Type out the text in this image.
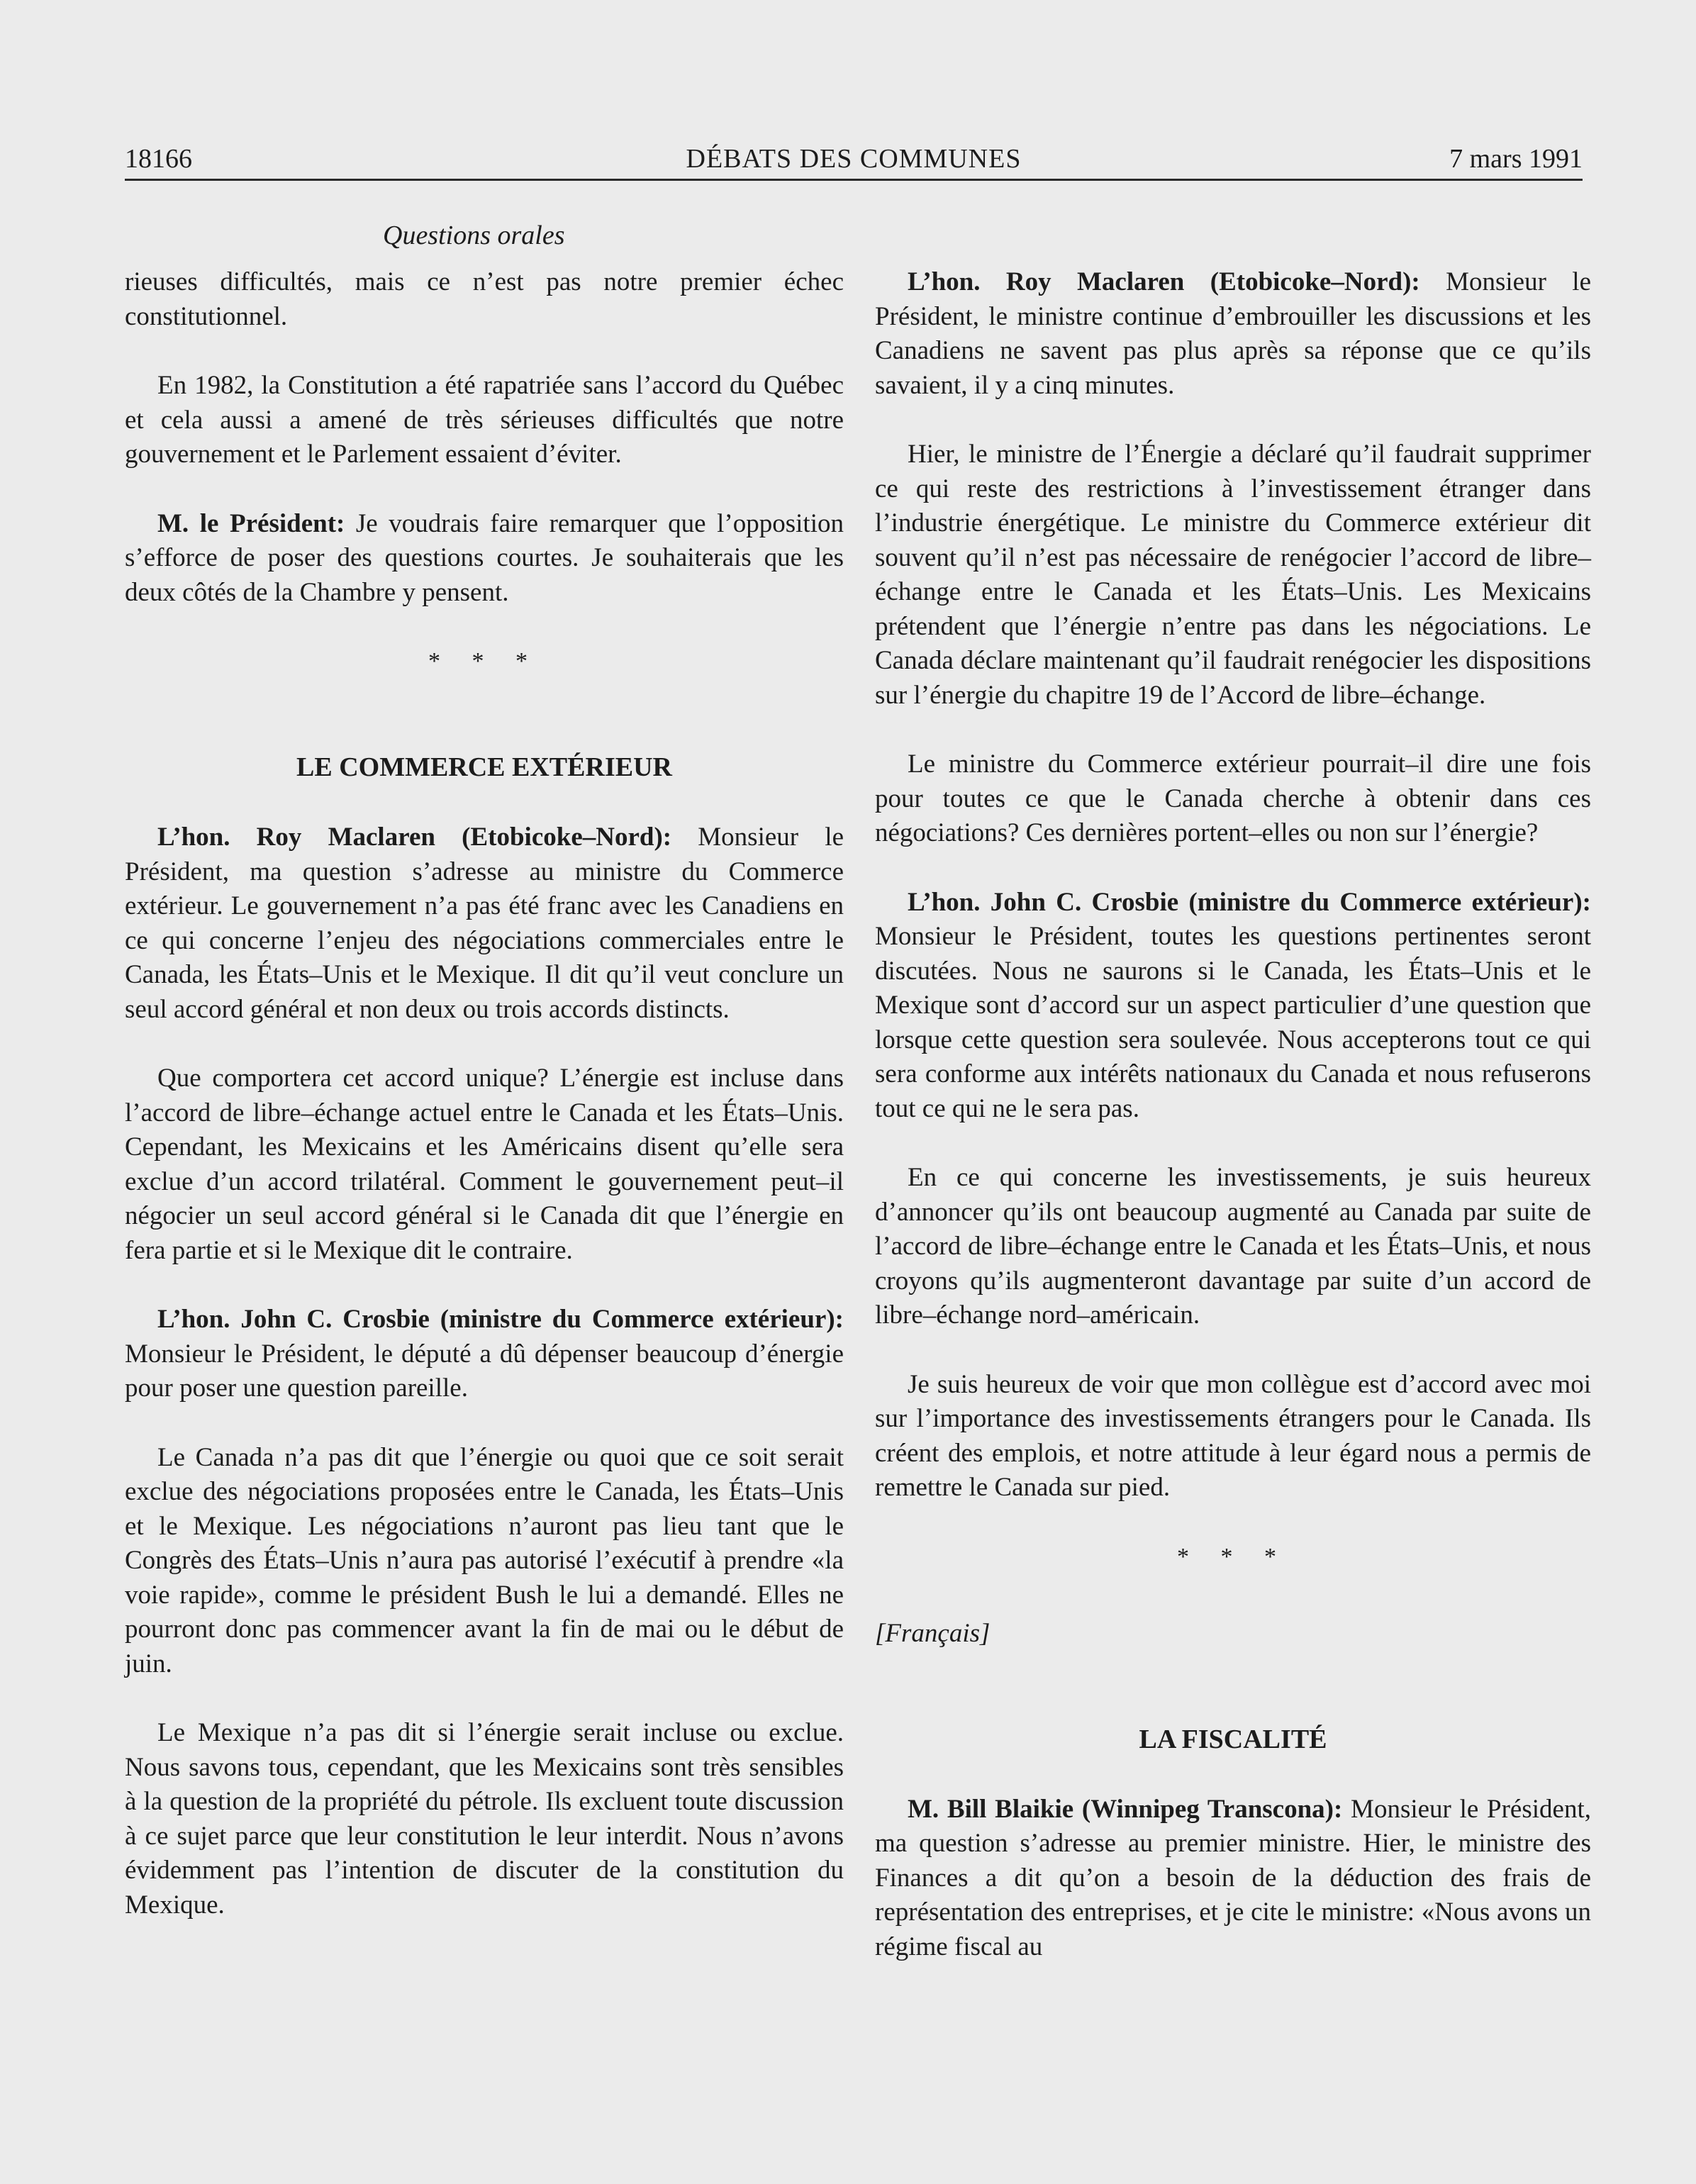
18166	DÉBATS DES COMMUNES	7 mars 1991
Questions orales

rieuses difficultés, mais ce n’est pas notre premier échec constitutionnel.

En 1982, la Constitution a été rapatriée sans l’accord du Québec et cela aussi a amené de très sérieuses difficultés que notre gouvernement et le Parlement essaient d’éviter.

M. le Président: Je voudrais faire remarquer que l’opposition s’efforce de poser des questions courtes. Je souhaiterais que les deux côtés de la Chambre y pensent.

* * *
LE COMMERCE EXTÉRIEUR

L’hon. Roy Maclaren (Etobicoke–Nord): Monsieur le Président, ma question s’adresse au ministre du Commerce extérieur. Le gouvernement n’a pas été franc avec les Canadiens en ce qui concerne l’enjeu des négociations commerciales entre le Canada, les États–Unis et le Mexique. Il dit qu’il veut conclure un seul accord général et non deux ou trois accords distincts.

Que comportera cet accord unique? L’énergie est incluse dans l’accord de libre–échange actuel entre le Canada et les États–Unis. Cependant, les Mexicains et les Américains disent qu’elle sera exclue d’un accord trilatéral. Comment le gouvernement peut–il négocier un seul accord général si le Canada dit que l’énergie en fera partie et si le Mexique dit le contraire.

L’hon. John C. Crosbie (ministre du Commerce extérieur): Monsieur le Président, le député a dû dépenser beaucoup d’énergie pour poser une question pareille.

Le Canada n’a pas dit que l’énergie ou quoi que ce soit serait exclue des négociations proposées entre le Canada, les États–Unis et le Mexique. Les négociations n’auront pas lieu tant que le Congrès des États–Unis n’aura pas autorisé l’exécutif à prendre «la voie rapide», comme le président Bush le lui a demandé. Elles ne pourront donc pas commencer avant la fin de mai ou le début de juin.

Le Mexique n’a pas dit si l’énergie serait incluse ou exclue. Nous savons tous, cependant, que les Mexicains sont très sensibles à la question de la propriété du pétrole. Ils excluent toute discussion à ce sujet parce que leur constitution le leur interdit. Nous n’avons évidemment pas l’intention de discuter de la constitution du Mexique.

L’hon. Roy Maclaren (Etobicoke–Nord): Monsieur le Président, le ministre continue d’embrouiller les discussions et les Canadiens ne savent pas plus après sa réponse que ce qu’ils savaient, il y a cinq minutes.

Hier, le ministre de l’Énergie a déclaré qu’il faudrait supprimer ce qui reste des restrictions à l’investissement étranger dans l’industrie énergétique. Le ministre du Commerce extérieur dit souvent qu’il n’est pas nécessaire de renégocier l’accord de libre–échange entre le Canada et les États–Unis. Les Mexicains prétendent que l’énergie n’entre pas dans les négociations. Le Canada déclare maintenant qu’il faudrait renégocier les dispositions sur l’énergie du chapitre 19 de l’Accord de libre–échange.

Le ministre du Commerce extérieur pourrait–il dire une fois pour toutes ce que le Canada cherche à obtenir dans ces négociations? Ces dernières portent–elles ou non sur l’énergie?

L’hon. John C. Crosbie (ministre du Commerce extérieur): Monsieur le Président, toutes les questions pertinentes seront discutées. Nous ne saurons si le Canada, les États–Unis et le Mexique sont d’accord sur un aspect particulier d’une question que lorsque cette question sera soulevée. Nous accepterons tout ce qui sera conforme aux intérêts nationaux du Canada et nous refuserons tout ce qui ne le sera pas.

En ce qui concerne les investissements, je suis heureux d’annoncer qu’ils ont beaucoup augmenté au Canada par suite de l’accord de libre–échange entre le Canada et les États–Unis, et nous croyons qu’ils augmenteront davantage par suite d’un accord de libre–échange nord–américain.

Je suis heureux de voir que mon collègue est d’accord avec moi sur l’importance des investissements étrangers pour le Canada. Ils créent des emplois, et notre attitude à leur égard nous a permis de remettre le Canada sur pied.

* * *
[Français]
LA FISCALITÉ

M. Bill Blaikie (Winnipeg Transcona): Monsieur le Président, ma question s’adresse au premier ministre. Hier, le ministre des Finances a dit qu’on a besoin de la déduction des frais de représentation des entreprises, et je cite le ministre: «Nous avons un régime fiscal au
